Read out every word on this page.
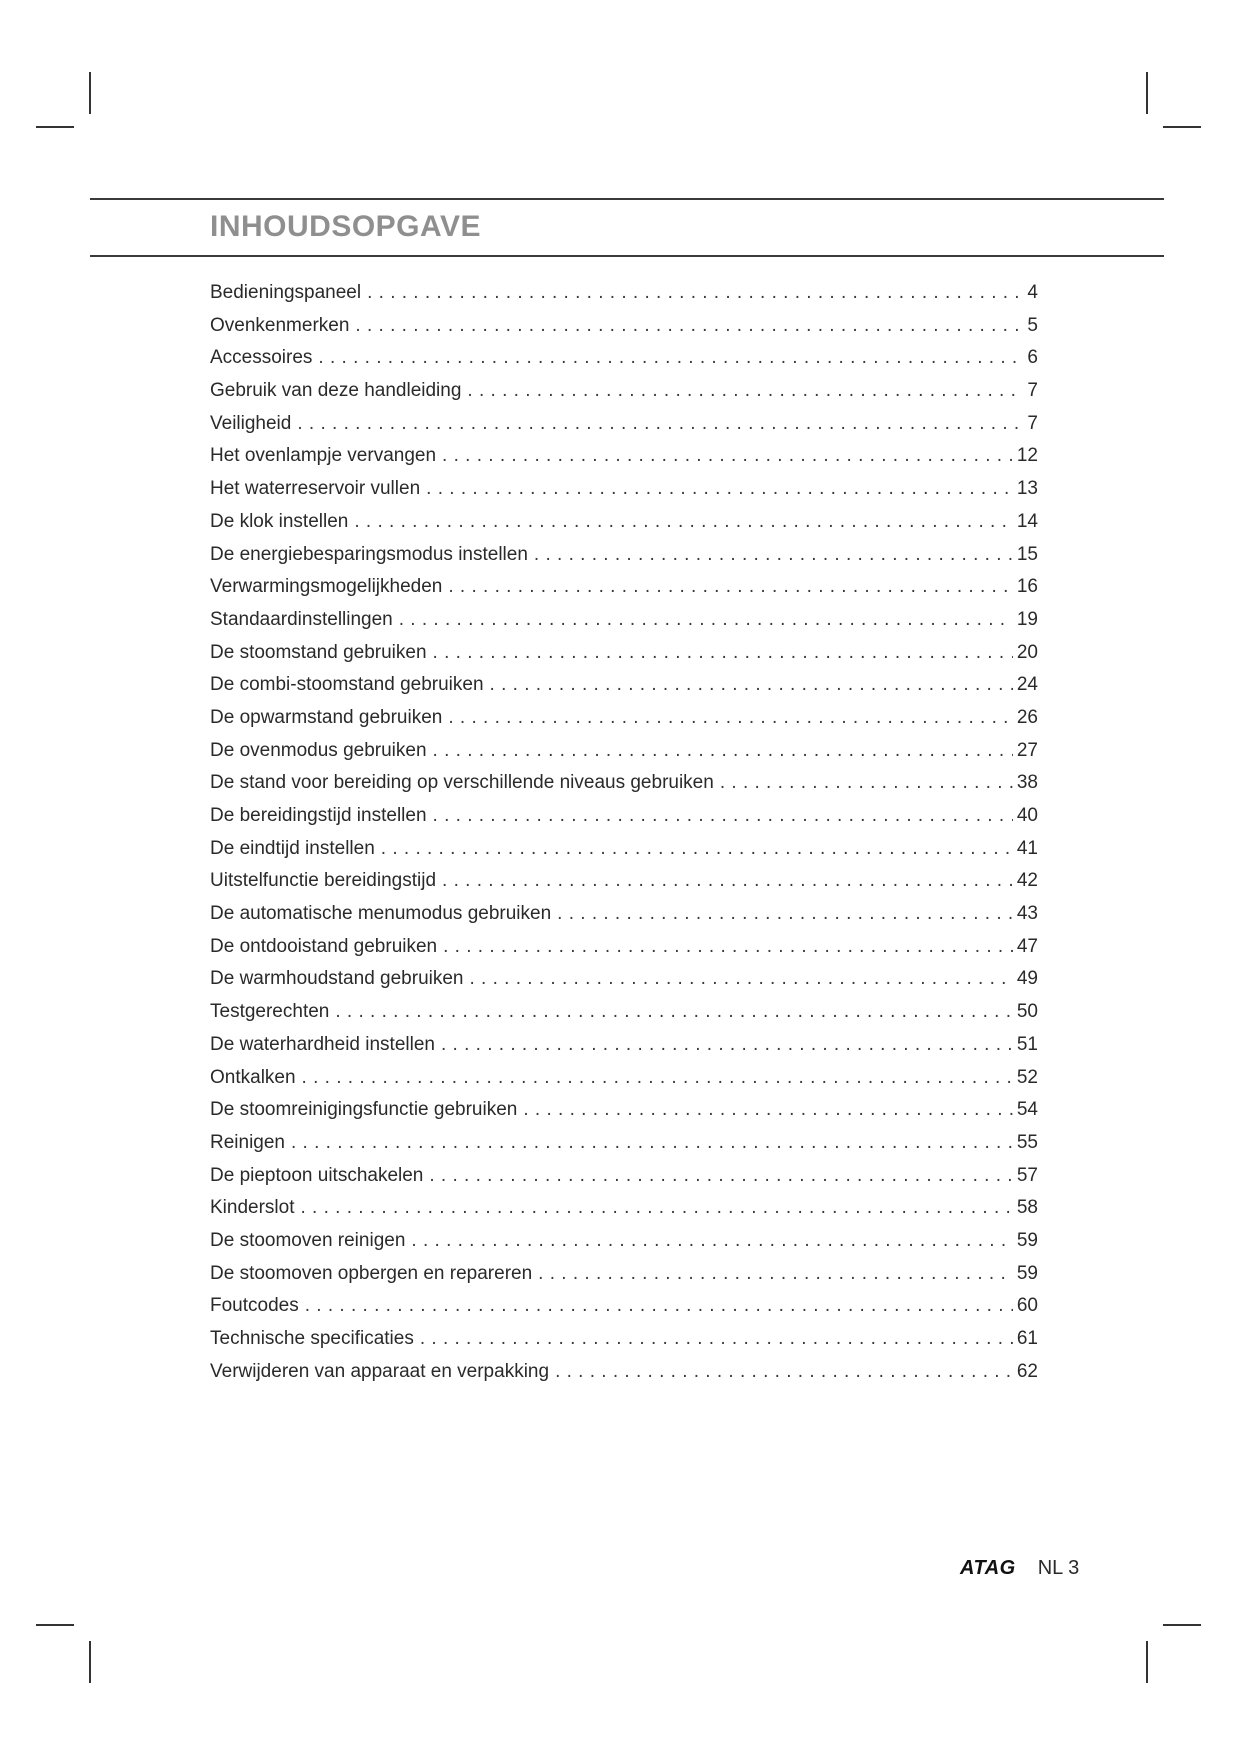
INHOUDSOPGAVE
Bedieningspaneel . . .	4
Ovenkenmerken . . .	5
Accessoires . . .	6
Gebruik van deze handleiding . . .	7
Veiligheid . . .	7
Het ovenlampje vervangen . . .	12
Het waterreservoir vullen . . .	13
De klok instellen . . .	14
De energiebesparingsmodus instellen . . .	15
Verwarmingsmogelijkheden . . .	16
Standaardinstellingen . . .	19
De stoomstand gebruiken . . .	20
De combi-stoomstand gebruiken . . .	24
De opwarmstand gebruiken . . .	26
De ovenmodus gebruiken . . .	27
De stand voor bereiding op verschillende niveaus gebruiken . . .	38
De bereidingstijd instellen . . .	40
De eindtijd instellen . . .	41
Uitstelfunctie bereidingstijd . . .	42
De automatische menumodus gebruiken . . .	43
De ontdooistand gebruiken . . .	47
De warmhoudstand gebruiken . . .	49
Testgerechten . . .	50
De waterhardheid instellen . . .	51
Ontkalken . . .	52
De stoomreinigingsfunctie gebruiken . . .	54
Reinigen . . .	55
De pieptoon uitschakelen . . .	57
Kinderslot . . .	58
De stoomoven reinigen . . .	59
De stoomoven opbergen en repareren . . .	59
Foutcodes . . .	60
Technische specificaties . . .	61
Verwijderen van apparaat en verpakking . . .	62
ATAG NL 3
